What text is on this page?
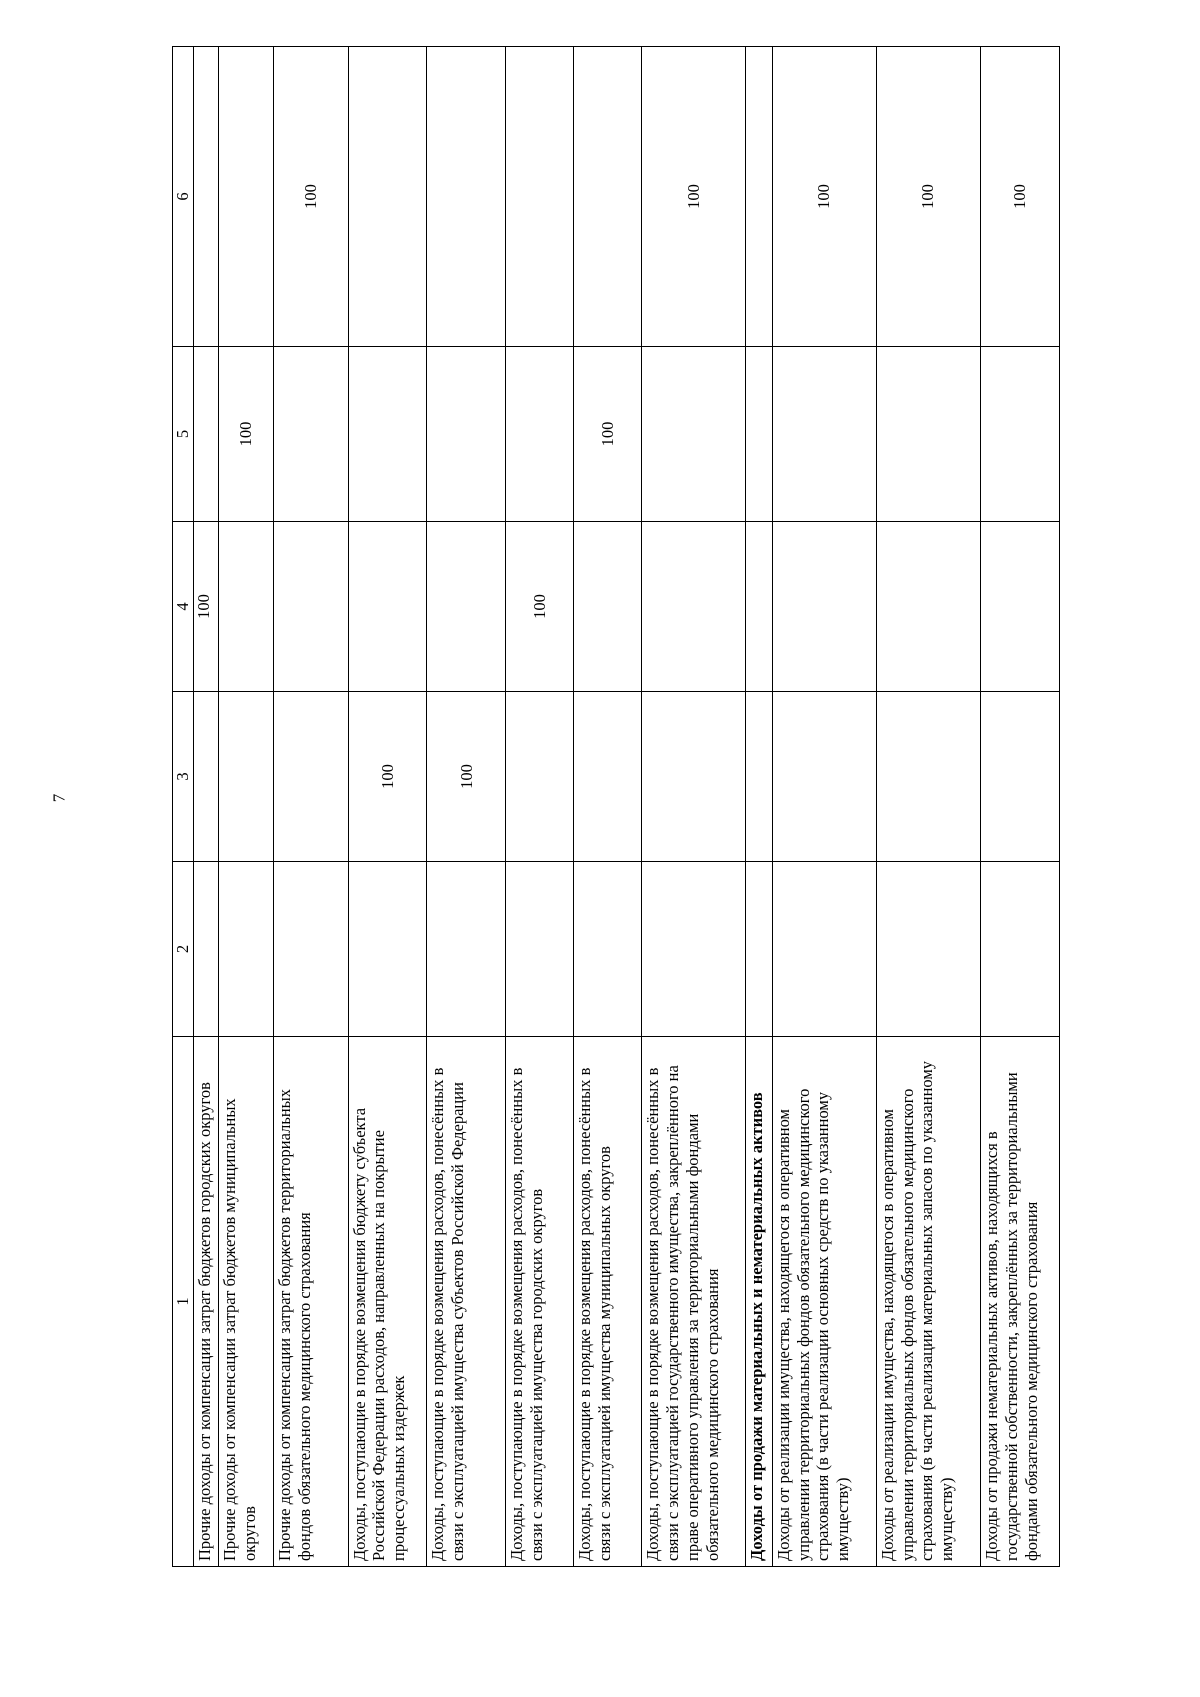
7
1	2	3	4	5	6
Прочие доходы от компенсации затрат бюджетов городских округов			100		
Прочие доходы от компенсации затрат бюджетов муниципальных округов				100	
Прочие доходы от компенсации затрат бюджетов территориальных фондов обязательного медицинского страхования					100
Доходы, поступающие в порядке возмещения бюджету субъекта Российской Федерации расходов, направленных на покрытие процессуальных издержек		100			
Доходы, поступающие в порядке возмещения расходов, понесённых в связи с эксплуатацией имущества субъектов Российской Федерации		100			
Доходы, поступающие в порядке возмещения расходов, понесённых в связи с эксплуатацией имущества городских округов			100		
Доходы, поступающие в порядке возмещения расходов, понесённых в связи с эксплуатацией имущества муниципальных округов				100	
Доходы, поступающие в порядке возмещения расходов, понесённых в связи с эксплуатацией государственного имущества, закреплённого на праве оперативного управления за территориальными фондами обязательного медицинского страхования					100
Доходы от продажи материальных и нематериальных активов					
Доходы от реализации имущества, находящегося в оперативном управлении территориальных фондов обязательного медицинского страхования (в части реализации основных средств по указанному имуществу)					100
Доходы от реализации имущества, находящегося в оперативном управлении территориальных фондов обязательного медицинского страхования (в части реализации материальных запасов по указанному имуществу)					100
Доходы от продажи нематериальных активов, находящихся в государственной собственности, закреплённых за территориальными фондами обязательного медицинского страхования					100
